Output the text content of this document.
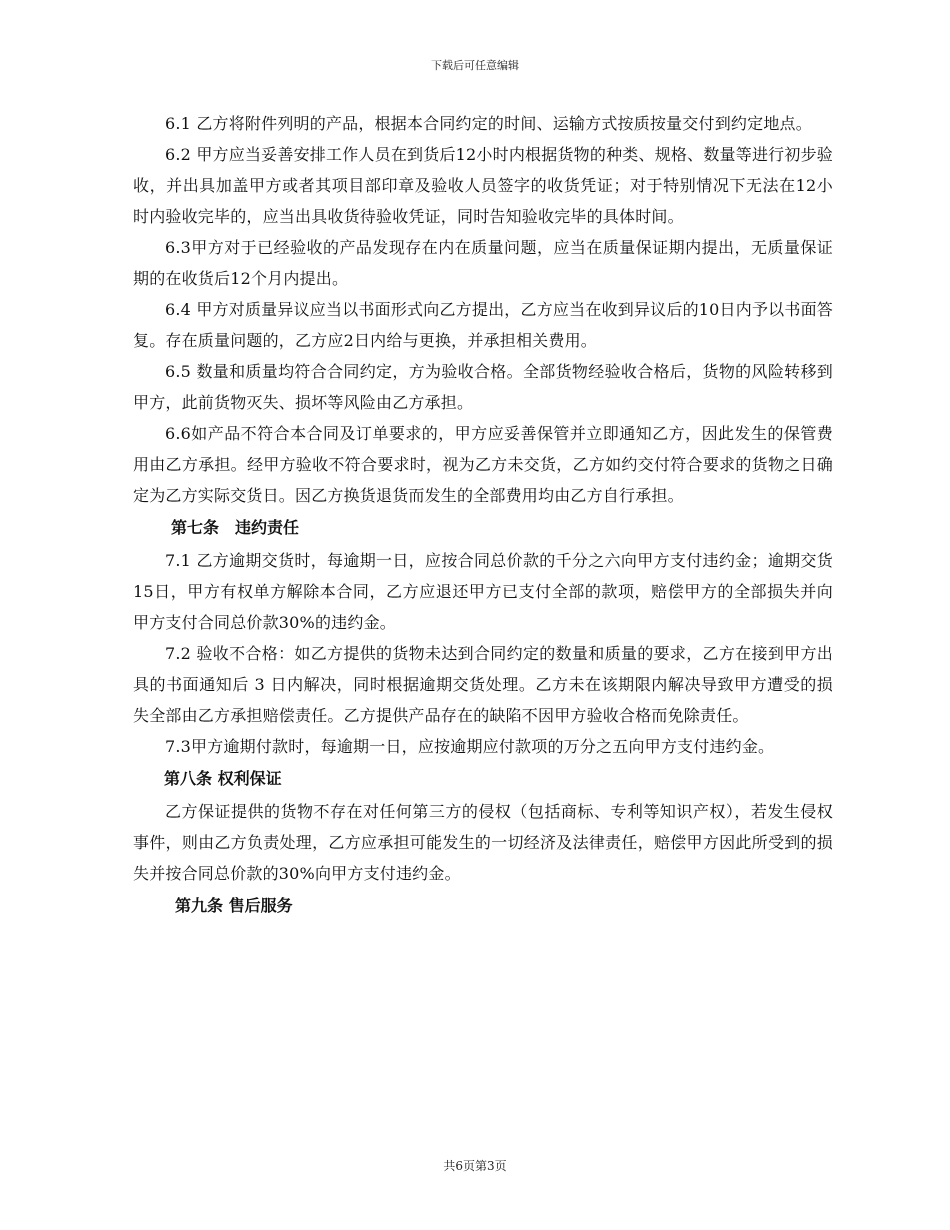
下载后可任意编辑

6.1 乙方将附件列明的产品，根据本合同约定的时间、运输方式按质按量交付到约定地点。

6.2 甲方应当妥善安排工作人员在到货后12小时内根据货物的种类、规格、数量等进行初步验收，并出具加盖甲方或者其项目部印章及验收人员签字的收货凭证；对于特别情况下无法在12小时内验收完毕的，应当出具收货待验收凭证，同时告知验收完毕的具体时间。

6.3甲方对于已经验收的产品发现存在内在质量问题，应当在质量保证期内提出，无质量保证期的在收货后12个月内提出。

6.4 甲方对质量异议应当以书面形式向乙方提出，乙方应当在收到异议后的10日内予以书面答复。存在质量问题的，乙方应2日内给与更换，并承担相关费用。

6.5 数量和质量均符合合同约定，方为验收合格。全部货物经验收合格后，货物的风险转移到甲方，此前货物灭失、损坏等风险由乙方承担。

6.6如产品不符合本合同及订单要求的，甲方应妥善保管并立即通知乙方，因此发生的保管费用由乙方承担。经甲方验收不符合要求时，视为乙方未交货，乙方如约交付符合要求的货物之日确定为乙方实际交货日。因乙方换货退货而发生的全部费用均由乙方自行承担。

第七条　违约责任

7.1 乙方逾期交货时，每逾期一日，应按合同总价款的千分之六向甲方支付违约金；逾期交货15日，甲方有权单方解除本合同，乙方应退还甲方已支付全部的款项，赔偿甲方的全部损失并向甲方支付合同总价款30%的违约金。

7.2 验收不合格：如乙方提供的货物未达到合同约定的数量和质量的要求，乙方在接到甲方出具的书面通知后 3 日内解决，同时根据逾期交货处理。乙方未在该期限内解决导致甲方遭受的损失全部由乙方承担赔偿责任。乙方提供产品存在的缺陷不因甲方验收合格而免除责任。

7.3甲方逾期付款时，每逾期一日，应按逾期应付款项的万分之五向甲方支付违约金。

第八条 权利保证

乙方保证提供的货物不存在对任何第三方的侵权（包括商标、专利等知识产权），若发生侵权事件，则由乙方负责处理，乙方应承担可能发生的一切经济及法律责任，赔偿甲方因此所受到的损失并按合同总价款的30%向甲方支付违约金。

第九条 售后服务

共6页第3页
